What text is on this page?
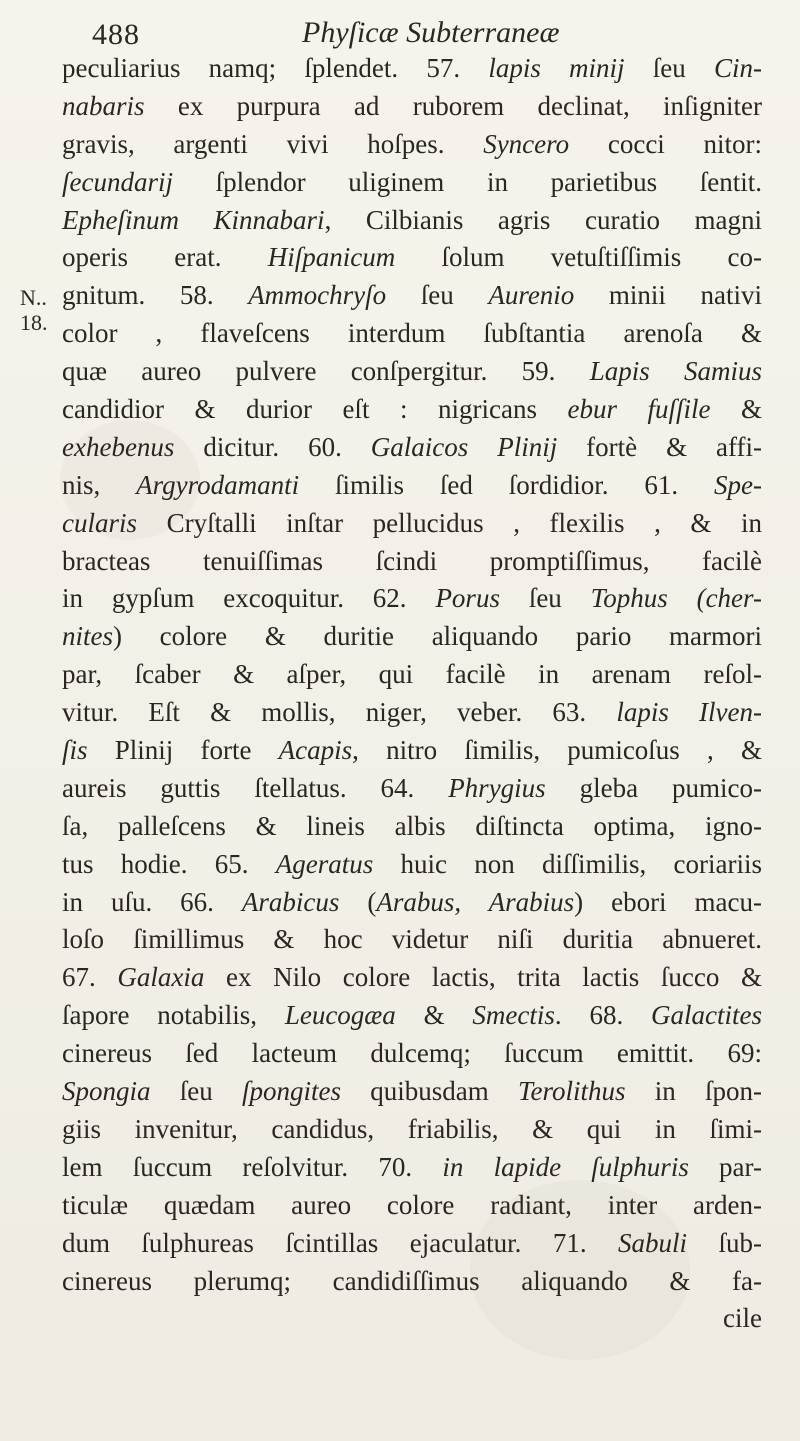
488	Phyſicæ Subterraneæ
N..
18.
peculiarius namq; ſplendet. 57. lapis minij ſeu Cin-
nabaris ex purpura ad ruborem declinat, inſigniter
gravis, argenti vivi hoſpes. Syncero cocci nitor:
ſecundarij ſplendor uliginem in parietibus ſentit.
Epheſinum Kinnabari, Cilbianis agris curatio magni
operis erat. Hiſpanicum ſolum vetuſtiſſimis co-
gnitum. 58. Ammochryſo ſeu Aurenio minii nativi
color , flaveſcens interdum ſubſtantia arenoſa &
quæ aureo pulvere conſpergitur. 59. Lapis Samius
candidior & durior eſt : nigricans ebur fuſſile &
exhebenus dicitur. 60. Galaicos Plinij fortè & affi-
nis, Argyrodamanti ſimilis ſed ſordidior. 61. Spe-
cularis Cryſtalli inſtar pellucidus , flexilis , & in
bracteas tenuiſſimas ſcindi promptiſſimus, facilè
in gypſum excoquitur. 62. Porus ſeu Tophus (cher-
nites) colore & duritie aliquando pario marmori
par, ſcaber & aſper, qui facilè in arenam reſol-
vitur. Eſt & mollis, niger, veber. 63. lapis Ilven-
ſis Plinij forte Acapis, nitro ſimilis, pumicoſus , &
aureis guttis ſtellatus. 64. Phrygius gleba pumico-
ſa, palleſcens & lineis albis diſtincta optima, igno-
tus hodie. 65. Ageratus huic non diſſimilis, coriariis
in uſu. 66. Arabicus (Arabus, Arabius) ebori macu-
loſo ſimillimus & hoc videtur niſi duritia abnueret.
67. Galaxia ex Nilo colore lactis, trita lactis ſucco &
ſapore notabilis, Leucogæa & Smectis. 68. Galactites
cinereus ſed lacteum dulcemq; ſuccum emittit. 69:
Spongia ſeu ſpongites quibusdam Terolithus in ſpon-
giis invenitur, candidus, friabilis, & qui in ſimi-
lem ſuccum reſolvitur. 70. in lapide ſulphuris par-
ticulæ quædam aureo colore radiant, inter arden-
dum ſulphureas ſcintillas ejaculatur. 71. Sabuli ſub-
cinereus plerumq; candidiſſimus aliquando & fa-
cile
